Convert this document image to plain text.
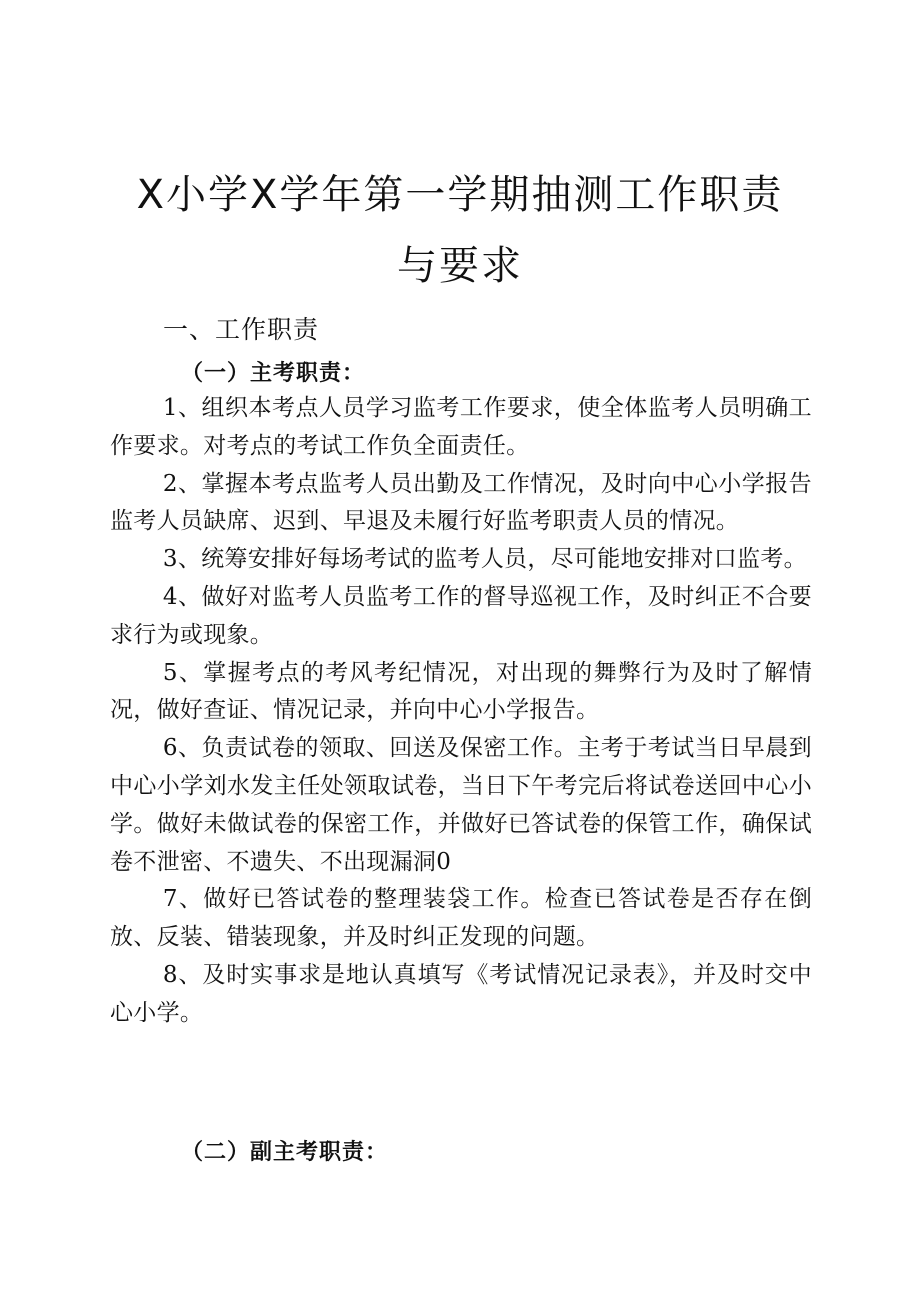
X小学X学年第一学期抽测工作职责
与要求
一、工作职责
（一）主考职责：
1、组织本考点人员学习监考工作要求，使全体监考人员明确工作要求。对考点的考试工作负全面责任。
2、掌握本考点监考人员出勤及工作情况，及时向中心小学报告监考人员缺席、迟到、早退及未履行好监考职责人员的情况。
3、统筹安排好每场考试的监考人员，尽可能地安排对口监考。
4、做好对监考人员监考工作的督导巡视工作，及时纠正不合要求行为或现象。
5、掌握考点的考风考纪情况，对出现的舞弊行为及时了解情况，做好查证、情况记录，并向中心小学报告。
6、负责试卷的领取、回送及保密工作。主考于考试当日早晨到中心小学刘水发主任处领取试卷，当日下午考完后将试卷送回中心小学。做好未做试卷的保密工作，并做好已答试卷的保管工作，确保试卷不泄密、不遗失、不出现漏洞0
7、做好已答试卷的整理装袋工作。检查已答试卷是否存在倒放、反装、错装现象，并及时纠正发现的问题。
8、及时实事求是地认真填写《考试情况记录表》，并及时交中心小学。
（二）副主考职责：
